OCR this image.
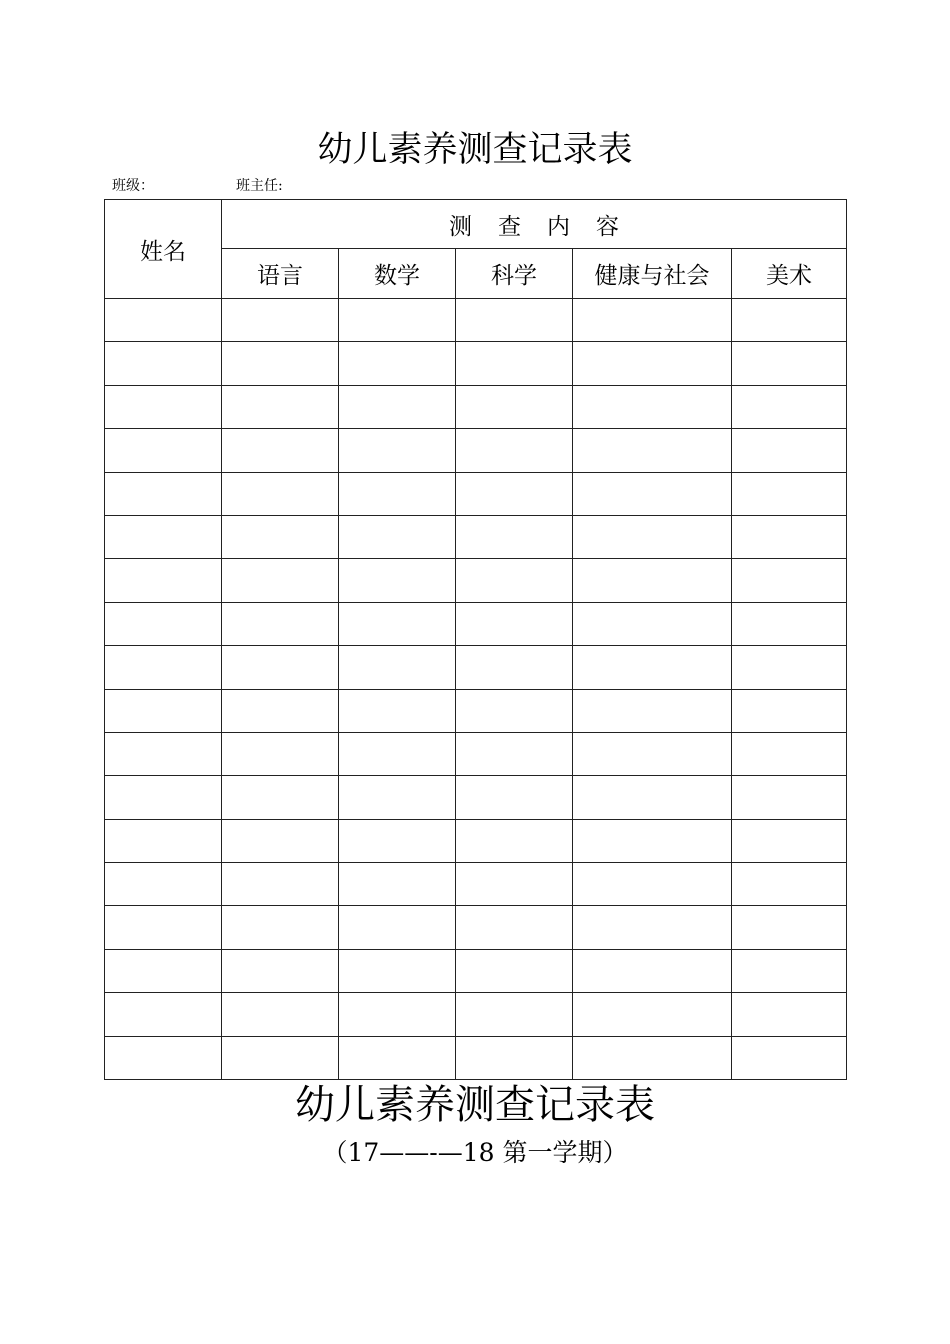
幼儿素养测查记录表
班级：	班主任:
姓名	测查内容				
	语言	数学	科学	健康与社会	美术

幼儿素养测查记录表
（17——-—18 第一学期）
